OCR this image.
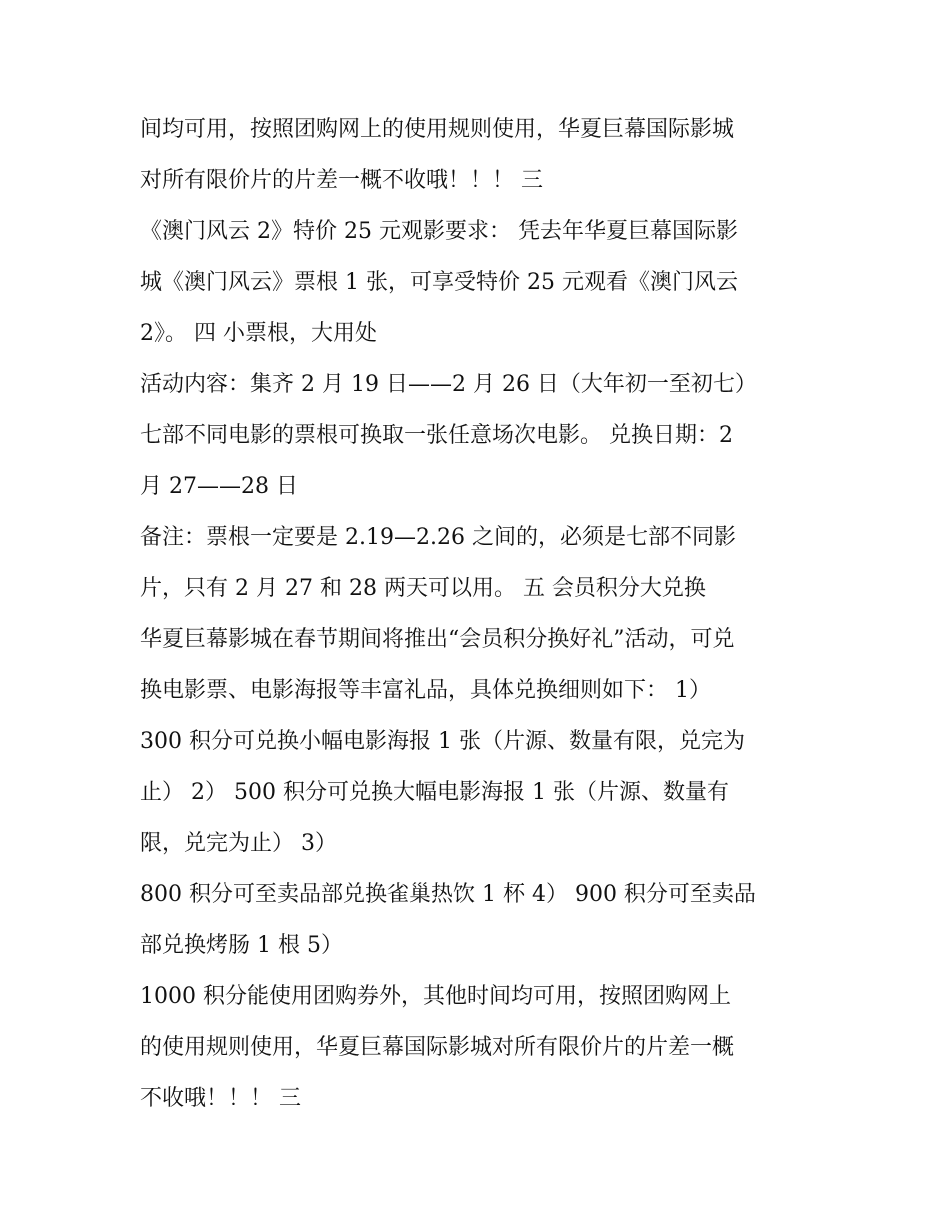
间均可用，按照团购网上的使用规则使用，华夏巨幕国际影城
对所有限价片的片差一概不收哦！！！ 三
《澳门风云 2》特价 25 元观影要求： 凭去年华夏巨幕国际影
城《澳门风云》票根 1 张，可享受特价 25 元观看《澳门风云
2》。 四 小票根，大用处
活动内容：集齐 2 月 19 日——2 月 26 日（大年初一至初七）
七部不同电影的票根可换取一张任意场次电影。 兑换日期：2
月 27——28 日
备注：票根一定要是 2.19—2.26 之间的，必须是七部不同影
片，只有 2 月 27 和 28 两天可以用。 五 会员积分大兑换
华夏巨幕影城在春节期间将推出“会员积分换好礼”活动，可兑
换电影票、电影海报等丰富礼品，具体兑换细则如下： 1）
300 积分可兑换小幅电影海报 1 张（片源、数量有限，兑完为
止） 2） 500 积分可兑换大幅电影海报 1 张（片源、数量有
限，兑完为止） 3）
800 积分可至卖品部兑换雀巢热饮 1 杯 4） 900 积分可至卖品
部兑换烤肠 1 根 5）
1000 积分能使用团购券外，其他时间均可用，按照团购网上
的使用规则使用，华夏巨幕国际影城对所有限价片的片差一概
不收哦！！！ 三
